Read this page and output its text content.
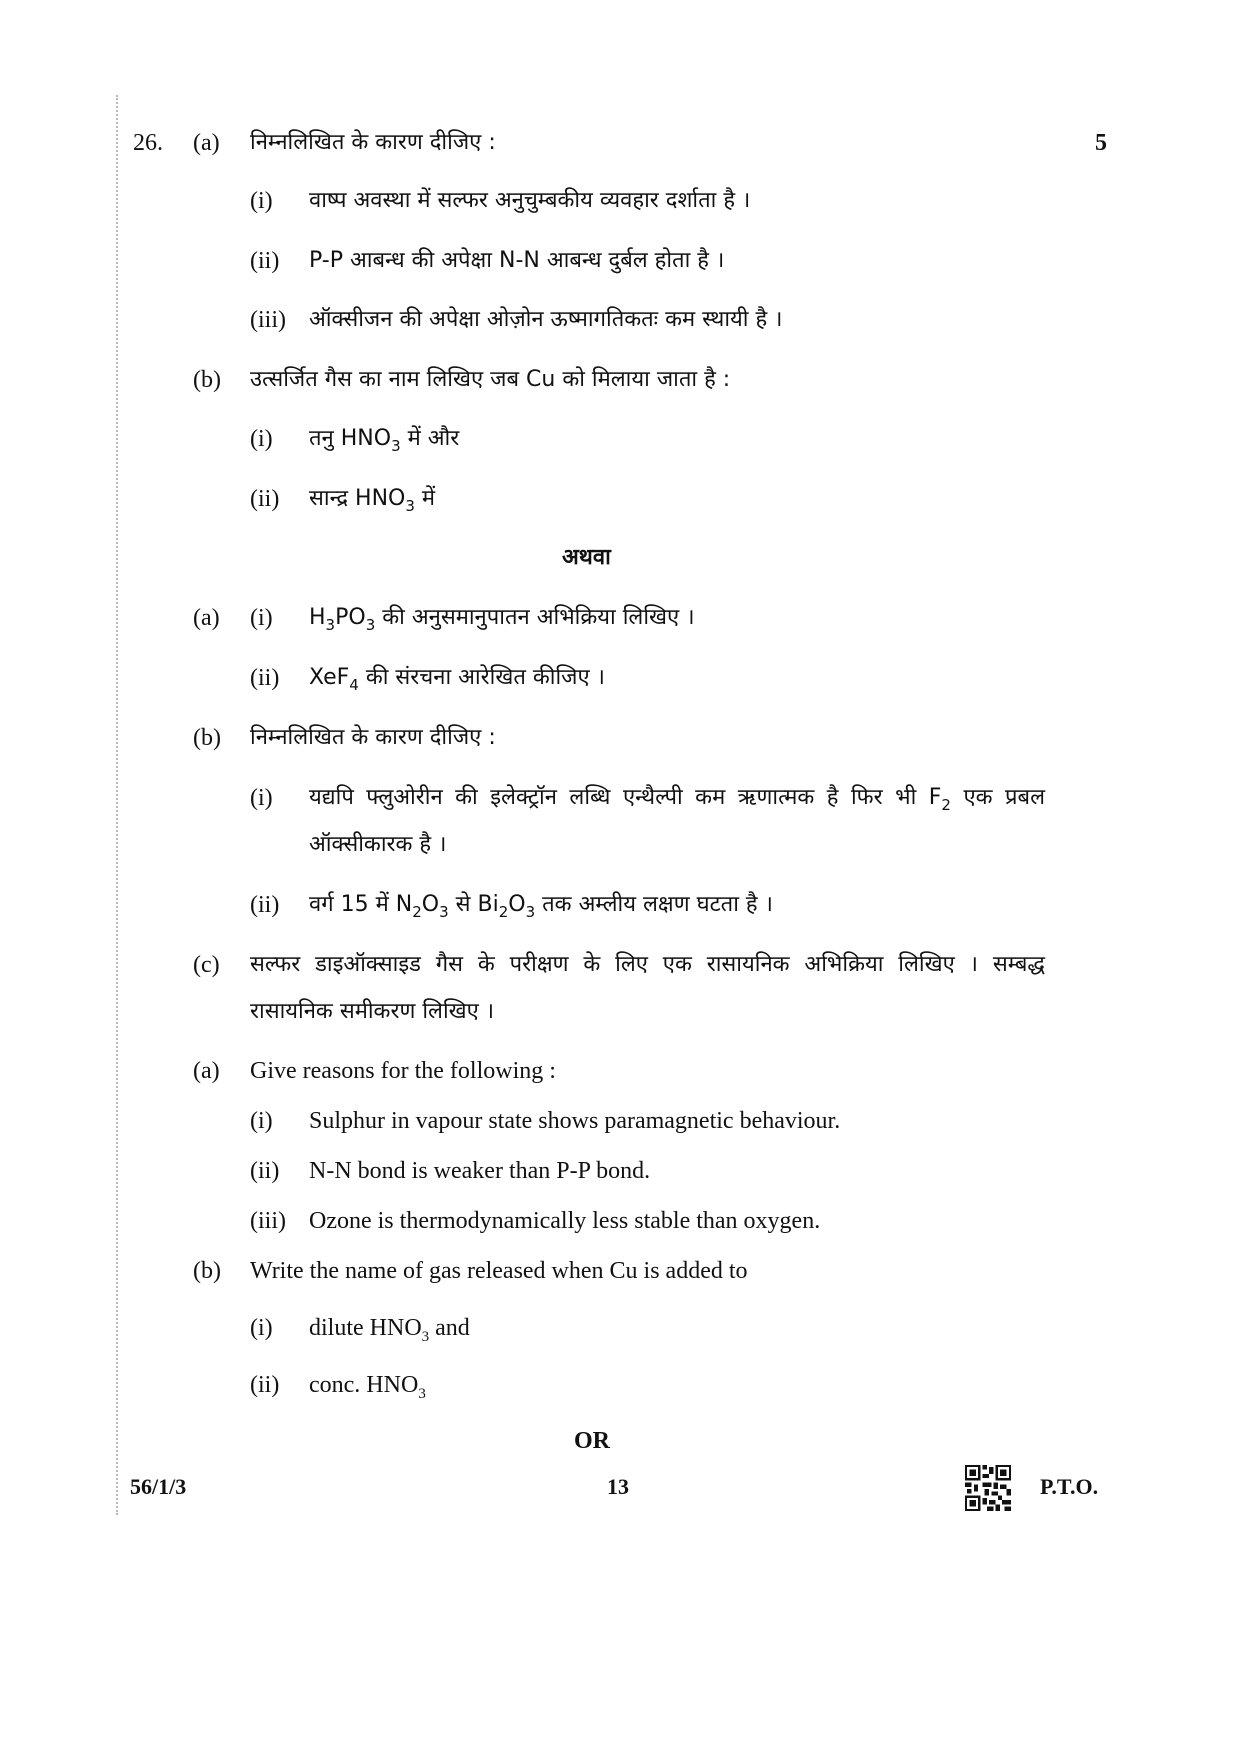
26. (a) निम्नलिखित के कारण दीजिए :	5
(i) वाष्प अवस्था में सल्फर अनुचुम्बकीय व्यवहार दर्शाता है ।
(ii) P-P आबन्ध की अपेक्षा N-N आबन्ध दुर्बल होता है ।
(iii) ऑक्सीजन की अपेक्षा ओज़ोन ऊष्मागतिकतः कम स्थायी है ।
(b) उत्सर्जित गैस का नाम लिखिए जब Cu को मिलाया जाता है :
(i) तनु $HNO_3$ में और
(ii) सान्द्र $HNO_3$ में
अथवा
(a) (i) $H_3PO_3$ की अनुसमानुपातन अभिक्रिया लिखिए ।
(ii) XeF$_4$ की संरचना आरेखित कीजिए ।
(b) निम्नलिखित के कारण दीजिए :
(i) यद्यपि फ्लुओरीन की इलेक्ट्रॉन लब्धि एन्थैल्पी कम ऋणात्मक है फिर भी $F_2$ एक प्रबल
ऑक्सीकारक है ।
(ii) वर्ग 15 में $N_2O_3$ से $Bi_2O_3$ तक अम्लीय लक्षण घटता है ।
(c) सल्फर डाइऑक्साइड गैस के परीक्षण के लिए एक रासायनिक अभिक्रिया लिखिए । सम्बद्ध
रासायनिक समीकरण लिखिए ।
(a) Give reasons for the following :
(i) Sulphur in vapour state shows paramagnetic behaviour.
(ii) N-N bond is weaker than P-P bond.
(iii) Ozone is thermodynamically less stable than oxygen.
(b) Write the name of gas released when Cu is added to
(i) dilute $HNO_3$ and
(ii) conc. $HNO_3$
OR
56/1/3	13	P.T.O.
